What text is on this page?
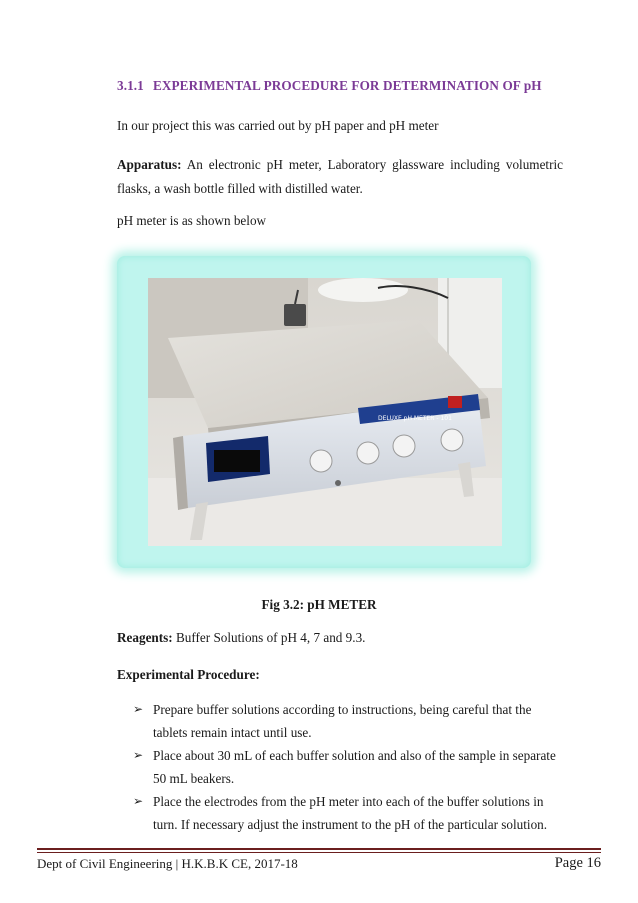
3.1.1 EXPERIMENTAL PROCEDURE FOR DETERMINATION OF pH
In our project this was carried out by pH paper and pH meter
Apparatus: An electronic pH meter, Laboratory glassware including volumetric flasks, a wash bottle filled with distilled water.
pH meter is as shown below
DELUXE pH METER - 101
Fig 3.2: pH METER
Reagents: Buffer Solutions of pH 4, 7 and 9.3.
Experimental Procedure:
➢ Prepare buffer solutions according to instructions, being careful that the tablets remain intact until use.
➢ Place about 30 mL of each buffer solution and also of the sample in separate 50 mL beakers.
➢ Place the electrodes from the pH meter into each of the buffer solutions in turn. If necessary adjust the instrument to the pH of the particular solution.
Dept of Civil Engineering | H.K.B.K CE, 2017-18	Page 16
